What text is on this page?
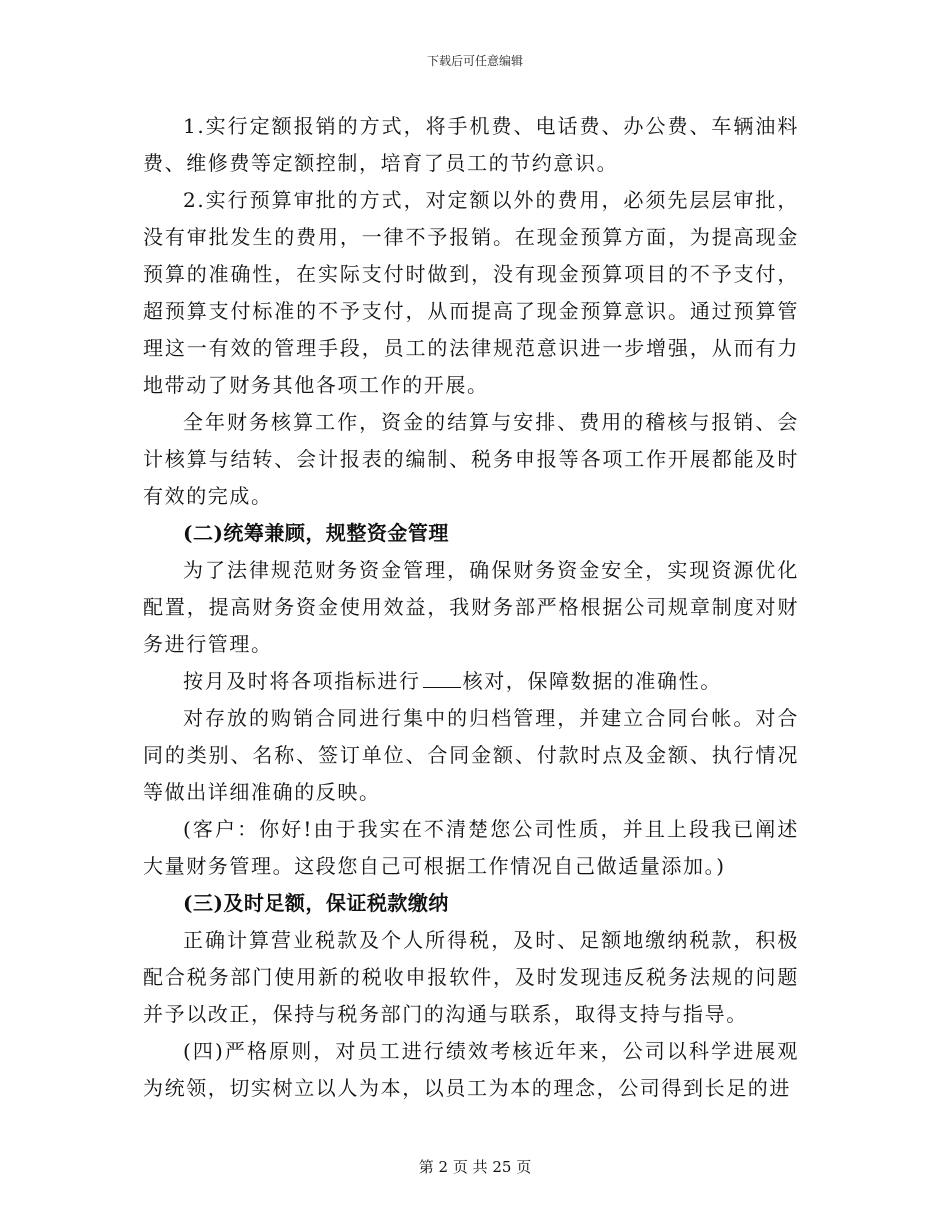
下载后可任意编辑

1.实行定额报销的方式，将手机费、电话费、办公费、车辆油料费、维修费等定额控制，培育了员工的节约意识。

2.实行预算审批的方式，对定额以外的费用，必须先层层审批，没有审批发生的费用，一律不予报销。在现金预算方面，为提高现金预算的准确性，在实际支付时做到，没有现金预算项目的不予支付，超预算支付标准的不予支付，从而提高了现金预算意识。通过预算管理这一有效的管理手段，员工的法律规范意识进一步增强，从而有力地带动了财务其他各项工作的开展。

全年财务核算工作，资金的结算与安排、费用的稽核与报销、会计核算与结转、会计报表的编制、税务申报等各项工作开展都能及时有效的完成。

(二)统筹兼顾，规整资金管理

为了法律规范财务资金管理，确保财务资金安全，实现资源优化配置，提高财务资金使用效益，我财务部严格根据公司规章制度对财务进行管理。

按月及时将各项指标进行 核对，保障数据的准确性。

对存放的购销合同进行集中的归档管理，并建立合同台帐。对合同的类别、名称、签订单位、合同金额、付款时点及金额、执行情况等做出详细准确的反映。

(客户：你好!由于我实在不清楚您公司性质，并且上段我已阐述大量财务管理。这段您自己可根据工作情况自己做适量添加。)

(三)及时足额，保证税款缴纳

正确计算营业税款及个人所得税，及时、足额地缴纳税款，积极配合税务部门使用新的税收申报软件，及时发现违反税务法规的问题并予以改正，保持与税务部门的沟通与联系，取得支持与指导。

(四)严格原则，对员工进行绩效考核近年来，公司以科学进展观为统领，切实树立以人为本，以员工为本的理念，公司得到长足的进

第 2 页 共 25 页
